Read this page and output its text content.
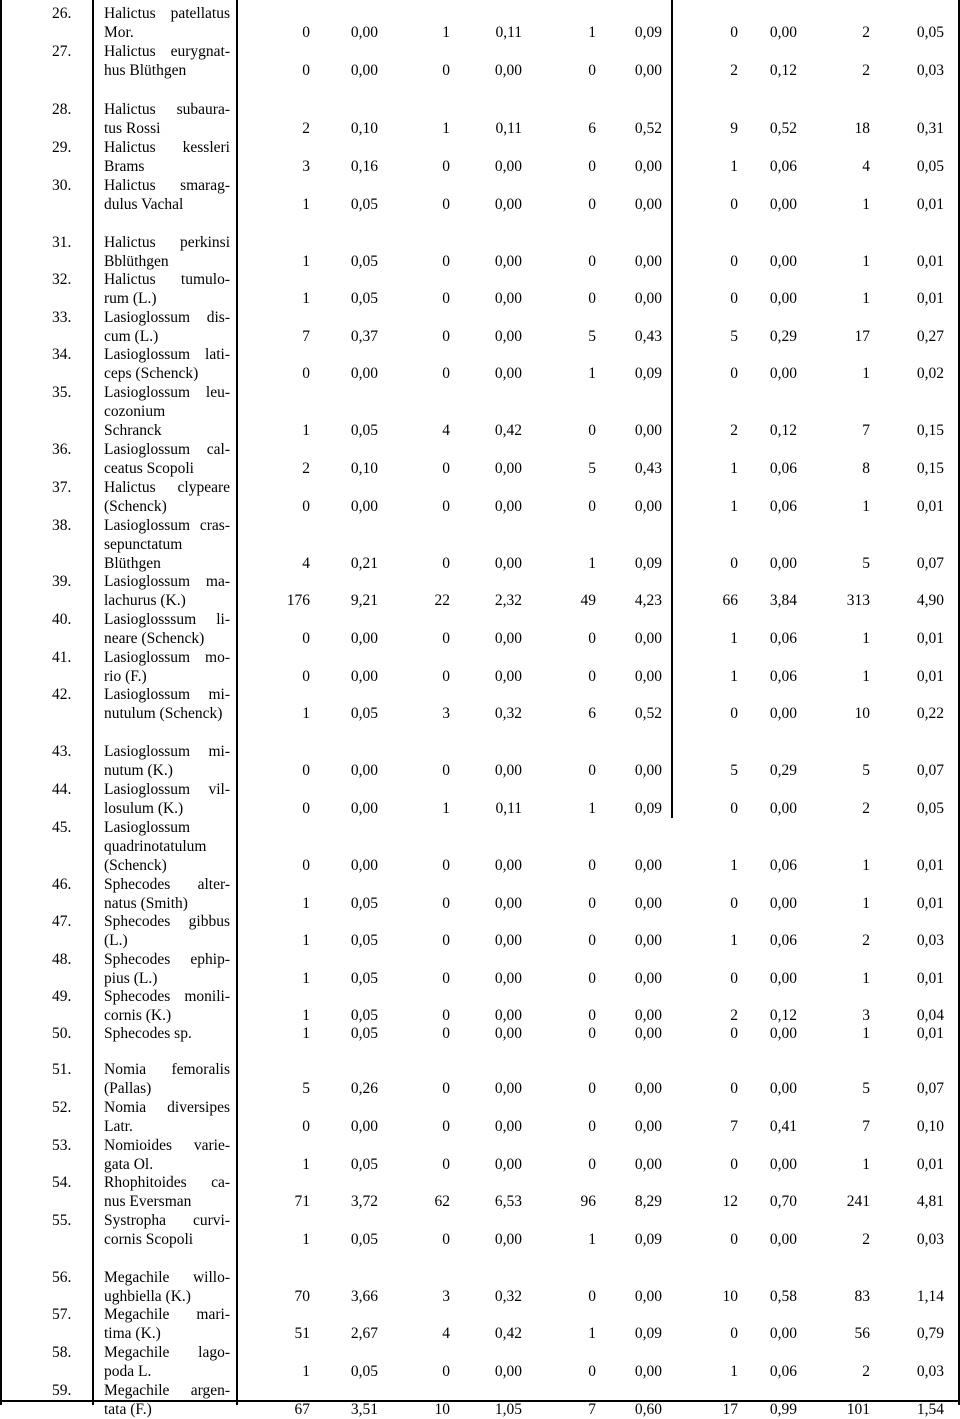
26. Halictus patellatus
Mor.	0	0,00	1	0,11	1	0,09	0	0,00	2	0,05
27. Halictus eurygnat-
hus Blüthgen	0	0,00	0	0,00	0	0,00	2	0,12	2	0,03
28. Halictus subaura-
tus Rossi	2	0,10	1	0,11	6	0,52	9	0,52	18	0,31
29. Halictus kessleri
Brams	3	0,16	0	0,00	0	0,00	1	0,06	4	0,05
30. Halictus smarag-
dulus Vachal	1	0,05	0	0,00	0	0,00	0	0,00	1	0,01
31. Halictus perkinsi
Bblüthgen	1	0,05	0	0,00	0	0,00	0	0,00	1	0,01
32. Halictus tumulo-
rum (L.)	1	0,05	0	0,00	0	0,00	0	0,00	1	0,01
33. Lasioglossum dis-
cum (L.)	7	0,37	0	0,00	5	0,43	5	0,29	17	0,27
34. Lasioglossum lati-
ceps (Schenck)	0	0,00	0	0,00	1	0,09	0	0,00	1	0,02
35. Lasioglossum leu-
cozonium
Schranck	1	0,05	4	0,42	0	0,00	2	0,12	7	0,15
36. Lasioglossum cal-
ceatus Scopoli	2	0,10	0	0,00	5	0,43	1	0,06	8	0,15
37. Halictus clypeare
(Schenck)	0	0,00	0	0,00	0	0,00	1	0,06	1	0,01
38. Lasioglossum cras-
sepunctatum
Blüthgen	4	0,21	0	0,00	1	0,09	0	0,00	5	0,07
39. Lasioglossum ma-
lachurus (K.)	176	9,21	22	2,32	49	4,23	66	3,84	313	4,90
40. Lasioglosssum li-
neare (Schenck)	0	0,00	0	0,00	0	0,00	1	0,06	1	0,01
41. Lasioglossum mo-
rio (F.)	0	0,00	0	0,00	0	0,00	1	0,06	1	0,01
42. Lasioglossum mi-
nutulum (Schenck)	1	0,05	3	0,32	6	0,52	0	0,00	10	0,22
43. Lasioglossum mi-
nutum (K.)	0	0,00	0	0,00	0	0,00	5	0,29	5	0,07
44. Lasioglossum vil-
losulum (K.)	0	0,00	1	0,11	1	0,09	0	0,00	2	0,05
45. Lasioglossum
quadrinotatulum
(Schenck)	0	0,00	0	0,00	0	0,00	1	0,06	1	0,01
46. Sphecodes alter-
natus (Smith)	1	0,05	0	0,00	0	0,00	0	0,00	1	0,01
47. Sphecodes gibbus
(L.)	1	0,05	0	0,00	0	0,00	1	0,06	2	0,03
48. Sphecodes ephip-
pius (L.)	1	0,05	0	0,00	0	0,00	0	0,00	1	0,01
49. Sphecodes monili-
cornis (K.)	1	0,05	0	0,00	0	0,00	2	0,12	3	0,04
50. Sphecodes sp.	1	0,05	0	0,00	0	0,00	0	0,00	1	0,01
51. Nomia femoralis
(Pallas)	5	0,26	0	0,00	0	0,00	0	0,00	5	0,07
52. Nomia diversipes
Latr.	0	0,00	0	0,00	0	0,00	7	0,41	7	0,10
53. Nomioides varie-
gata Ol.	1	0,05	0	0,00	0	0,00	0	0,00	1	0,01
54. Rhophitoides ca-
nus Eversman	71	3,72	62	6,53	96	8,29	12	0,70	241	4,81
55. Systropha curvi-
cornis Scopoli	1	0,05	0	0,00	1	0,09	0	0,00	2	0,03
56. Megachile willo-
ughbiella (K.)	70	3,66	3	0,32	0	0,00	10	0,58	83	1,14
57. Megachile mari-
tima (K.)	51	2,67	4	0,42	1	0,09	0	0,00	56	0,79
58. Megachile lago-
poda L.	1	0,05	0	0,00	0	0,00	1	0,06	2	0,03
59. Megachile argen-
tata (F.)	67	3,51	10	1,05	7	0,60	17	0,99	101	1,54
